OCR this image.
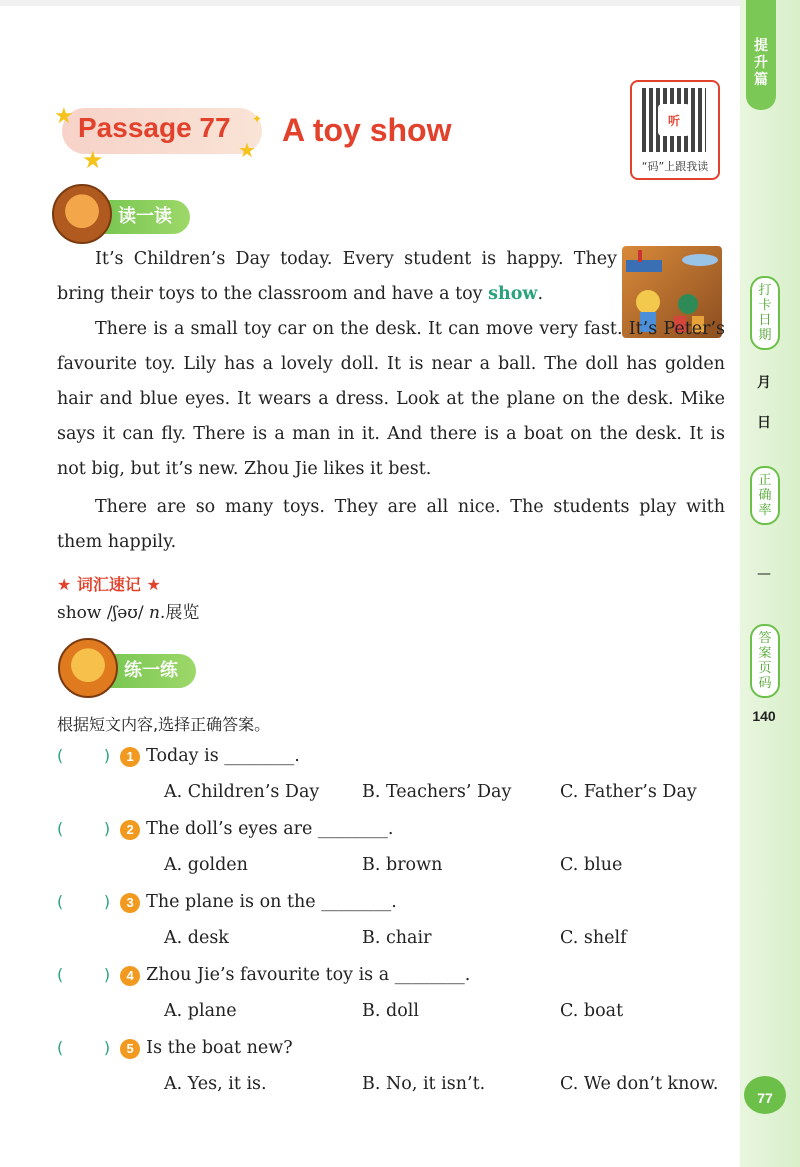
提升篇
打卡日期
月
日
正确率
—
答案页码
140
77
★
★	★
✦
Passage 77 A toy show	听
“码”上跟我读
读一读

It’s Children’s Day today. Every student is happy. They bring their toys to the classroom and have a toy show.

There is a small toy car on the desk. It can move very fast. It’s Peter’s favourite toy. Lily has a lovely doll. It is near a ball. The doll has golden hair and blue eyes. It wears a dress. Look at the plane on the desk. Mike says it can fly. There is a man in it. And there is a boat on the desk. It is not big, but it’s new. Zhou Jie likes it best.

There are so many toys. They are all nice. The students play with them happily.

★ 词汇速记 ★
show /ʃəʊ/ n.展览
练一练
根据短文内容,选择正确答案。
(        ) 1 Today is ________.
A. Children’s Day B. Teachers’ Day	C. Father’s Day
(        ) 2 The doll’s eyes are ________.
A. golden	B. brown	C. blue
(        ) 3 The plane is on the ________.
A. desk	B. chair	C. shelf
(        ) 4 Zhou Jie’s favourite toy is a ________.
A. plane	B. doll	C. boat
(        ) 5 Is the boat new?
A. Yes, it is.	B. No, it isn’t.	C. We don’t know.
